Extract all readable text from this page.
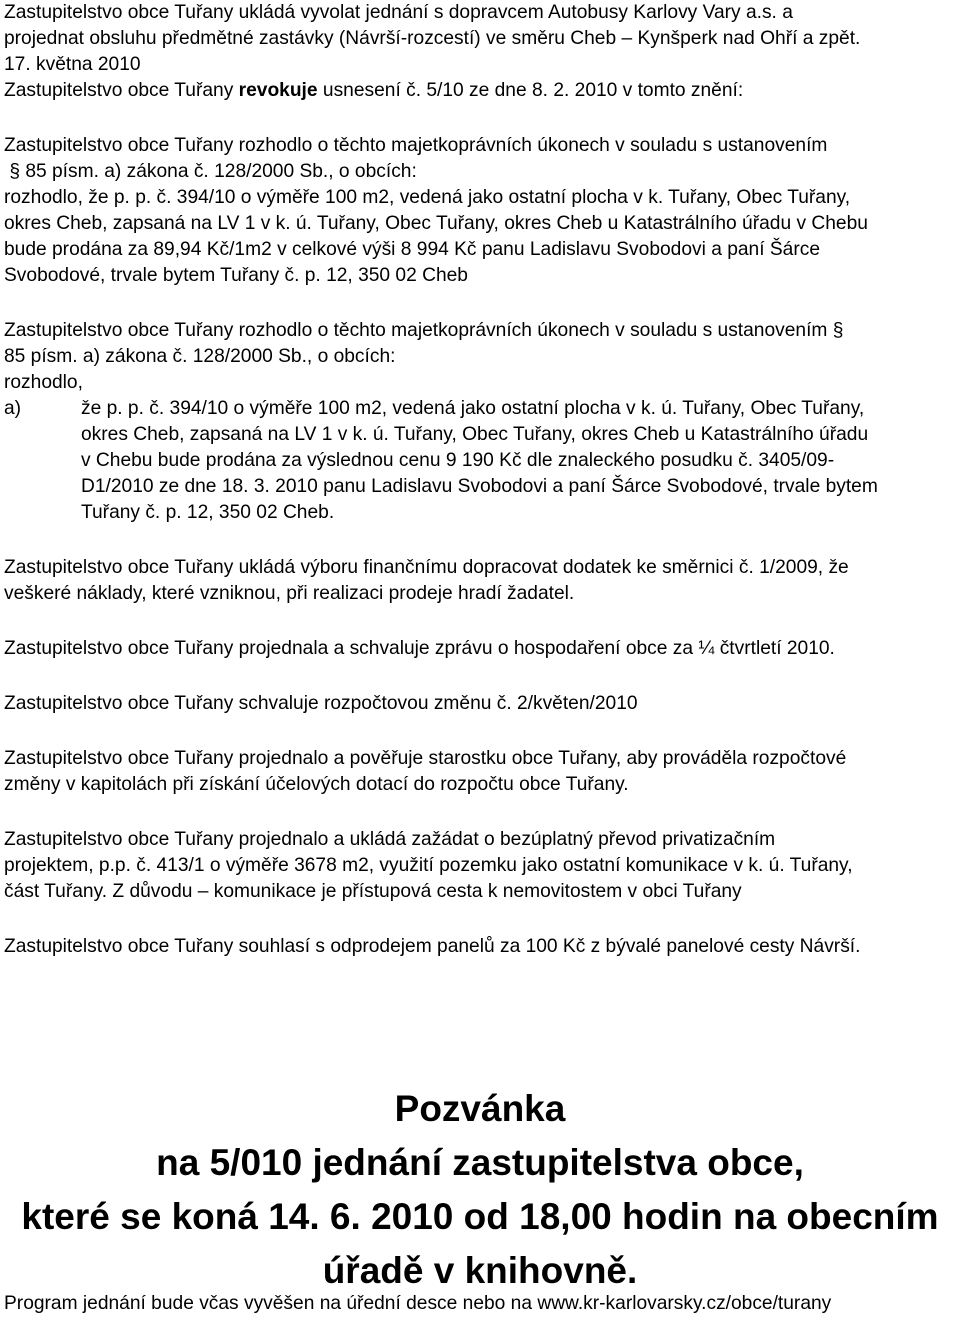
Zastupitelstvo obce Tuřany ukládá vyvolat jednání s dopravcem Autobusy Karlovy Vary a.s. a
projednat obsluhu předmětné zastávky (Návrší-rozcestí) ve směru Cheb – Kynšperk nad Ohří a zpět.
17. května 2010
Zastupitelstvo obce Tuřany revokuje usnesení č. 5/10 ze dne 8. 2. 2010 v tomto znění:
Zastupitelstvo obce Tuřany rozhodlo o těchto majetkoprávních úkonech v souladu s ustanovením
§ 85 písm. a) zákona č. 128/2000 Sb., o obcích:
rozhodlo, že p. p. č. 394/10 o výměře 100 m2, vedená jako ostatní plocha v k. Tuřany, Obec Tuřany,
okres Cheb, zapsaná na LV 1 v k. ú. Tuřany, Obec Tuřany, okres Cheb u Katastrálního úřadu v Chebu
bude prodána za 89,94 Kč/1m2 v celkové výši 8 994 Kč panu Ladislavu Svobodovi a paní Šárce
Svobodové, trvale bytem Tuřany č. p. 12, 350 02 Cheb
Zastupitelstvo obce Tuřany rozhodlo o těchto majetkoprávních úkonech v souladu s ustanovením §
85 písm. a) zákona č. 128/2000 Sb., o obcích:
rozhodlo,
a)	že p. p. č. 394/10 o výměře 100 m2, vedená jako ostatní plocha v k. ú. Tuřany, Obec Tuřany,
okres Cheb, zapsaná na LV 1 v k. ú. Tuřany, Obec Tuřany, okres Cheb u Katastrálního úřadu
v Chebu bude prodána za výslednou cenu 9 190 Kč dle znaleckého posudku č. 3405/09-
D1/2010 ze dne 18. 3. 2010 panu Ladislavu Svobodovi a paní Šárce Svobodové, trvale bytem
Tuřany č. p. 12, 350 02 Cheb.
Zastupitelstvo obce Tuřany ukládá výboru finančnímu dopracovat dodatek ke směrnici č. 1/2009, že
veškeré náklady, které vzniknou, při realizaci prodeje hradí žadatel.
Zastupitelstvo obce Tuřany projednala a schvaluje zprávu o hospodaření obce za ¼ čtvrtletí 2010.
Zastupitelstvo obce Tuřany schvaluje rozpočtovou změnu č. 2/květen/2010
Zastupitelstvo obce Tuřany projednalo a pověřuje starostku obce Tuřany, aby prováděla rozpočtové
změny v kapitolách při získání účelových dotací do rozpočtu obce Tuřany.
Zastupitelstvo obce Tuřany projednalo a ukládá zažádat o bezúplatný převod privatizačním
projektem, p.p. č. 413/1 o výměře 3678 m2, využití pozemku jako ostatní komunikace v k. ú. Tuřany,
část Tuřany. Z důvodu – komunikace je přístupová cesta k nemovitostem v obci Tuřany
Zastupitelstvo obce Tuřany souhlasí s odprodejem panelů za 100 Kč z bývalé panelové cesty Návrší.
Pozvánka
na 5/010 jednání zastupitelstva obce,
které se koná 14. 6. 2010 od 18,00 hodin na obecním
úřadě v knihovně.
Program jednání bude včas vyvěšen na úřední desce nebo na www.kr-karlovarsky.cz/obce/turany
